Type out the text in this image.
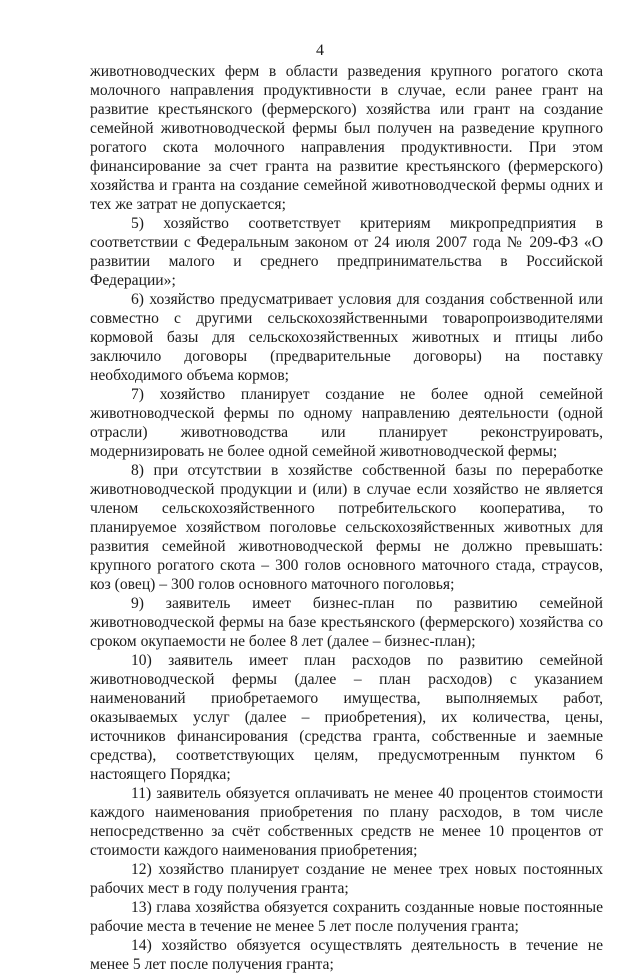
4

животноводческих ферм в области разведения крупного рогатого скота молочного направления продуктивности в случае, если ранее грант на развитие крестьянского (фермерского) хозяйства или грант на создание семейной животноводческой фермы был получен на разведение крупного рогатого скота молочного направления продуктивности. При этом финансирование за счет гранта на развитие крестьянского (фермерского) хозяйства и гранта на создание семейной животноводческой фермы одних и тех же затрат не допускается;

5) хозяйство соответствует критериям микропредприятия в соответствии с Федеральным законом от 24 июля 2007 года № 209-ФЗ «О развитии малого и среднего предпринимательства в Российской Федерации»;

6) хозяйство предусматривает условия для создания собственной или совместно с другими сельскохозяйственными товаропроизводителями кормовой базы для сельскохозяйственных животных и птицы либо заключило договоры (предварительные договоры) на поставку необходимого объема кормов;

7) хозяйство планирует создание не более одной семейной животноводческой фермы по одному направлению деятельности (одной отрасли) животноводства или планирует реконструировать, модернизировать не более одной семейной животноводческой фермы;

8) при отсутствии в хозяйстве собственной базы по переработке животноводческой продукции и (или) в случае если хозяйство не является членом сельскохозяйственного потребительского кооператива, то планируемое хозяйством поголовье сельскохозяйственных животных для развития семейной животноводческой фермы не должно превышать: крупного рогатого скота – 300 голов основного маточного стада, страусов, коз (овец) – 300 голов основного маточного поголовья;

9) заявитель имеет бизнес-план по развитию семейной животноводческой фермы на базе крестьянского (фермерского) хозяйства со сроком окупаемости не более 8 лет (далее – бизнес-план);

10) заявитель имеет план расходов по развитию семейной животноводческой фермы (далее – план расходов) с указанием наименований приобретаемого имущества, выполняемых работ, оказываемых услуг (далее – приобретения), их количества, цены, источников финансирования (средства гранта, собственные и заемные средства), соответствующих целям, предусмотренным пунктом 6 настоящего Порядка;

11) заявитель обязуется оплачивать не менее 40 процентов стоимости каждого наименования приобретения по плану расходов, в том числе непосредственно за счёт собственных средств не менее 10 процентов от стоимости каждого наименования приобретения;

12) хозяйство планирует создание не менее трех новых постоянных рабочих мест в году получения гранта;

13) глава хозяйства обязуется сохранить созданные новые постоянные рабочие места в течение не менее 5 лет после получения гранта;

14) хозяйство обязуется осуществлять деятельность в течение не менее 5 лет после получения гранта;
